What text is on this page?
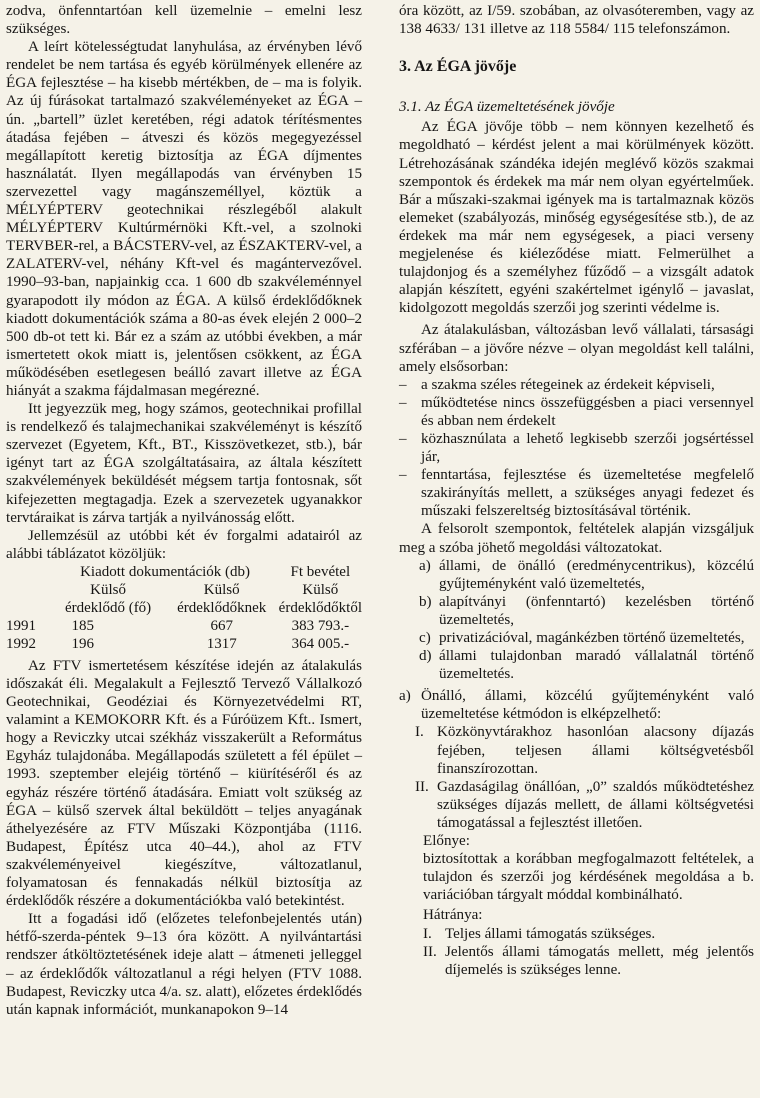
zodva, önfenntartóan kell üzemelnie – emelni lesz szükséges.

A leírt kötelességtudat lanyhulása, az érvényben lévő rendelet be nem tartása és egyéb körülmények ellenére az ÉGA fejlesztése – ha kisebb mértékben, de – ma is folyik. Az új fúrásokat tartalmazó szakvéleményeket az ÉGA – ún. „bartell” üzlet keretében, régi adatok térítésmentes átadása fejében – átveszi és közös megegyezéssel megállapított keretig biztosítja az ÉGA díjmentes használatát. Ilyen megállapodás van érvényben 15 szervezettel vagy magánszeméllyel, köztük a MÉLYÉPTERV geotechnikai részlegéből alakult MÉLYÉPTERV Kultúrmérnöki Kft.-vel, a szolnoki TERVBER-rel, a BÁCSTERV-vel, az ÉSZAKTERV-vel, a ZALATERV-vel, néhány Kft-vel és magántervezővel. 1990–93-ban, napjainkig cca. 1 600 db szakvéleménnyel gyarapodott ily módon az ÉGA. A külső érdeklődőknek kiadott dokumentációk száma a 80-as évek elején 2 000–2 500 db-ot tett ki. Bár ez a szám az utóbbi években, a már ismertetett okok miatt is, jelentősen csökkent, az ÉGA működésében esetlegesen beálló zavart illetve az ÉGA hiányát a szakma fájdalmasan megérezné.

Itt jegyezzük meg, hogy számos, geotechnikai profillal is rendelkező és talajmechanikai szakvéleményt is készítő szervezet (Egyetem, Kft., BT., Kisszövetkezet, stb.), bár igényt tart az ÉGA szolgáltatásaira, az általa készített szakvélemények beküldését mégsem tartja fontosnak, sőt kifejezetten megtagadja. Ezek a szervezetek ugyanakkor tervtáraikat is zárva tartják a nyilvánosság előtt.

Jellemzésül az utóbbi két év forgalmi adatairól az alábbi táblázatot közöljük:

	Kiadott dokumentációk (db)		Ft bevétel
	Külső	Külső	Külső
	érdeklődő (fő)	érdeklődőknek	érdeklődőktől
1991	185	667	383 793.-
1992	196	1317	364 005.-

Az FTV ismertetésem készítése idején az átalakulás időszakát éli. Megalakult a Fejlesztő Tervező Vállalkozó Geotechnikai, Geodéziai és Környezetvédelmi RT, valamint a KEMOKORR Kft. és a Fúróüzem Kft.. Ismert, hogy a Reviczky utcai székház visszakerült a Református Egyház tulajdonába. Megállapodás született a fél épület – 1993. szeptember elejéig történő – kiürítéséről és az egyház részére történő átadására. Emiatt volt szükség az ÉGA – külső szervek által beküldött – teljes anyagának áthelyezésére az FTV Műszaki Központjába (1116. Budapest, Építész utca 40–44.), ahol az FTV szakvéleményeivel kiegészítve, változatlanul, folyamatosan és fennakadás nélkül biztosítja az érdeklődők részére a dokumentációkba való betekintést.

Itt a fogadási idő (előzetes telefonbejelentés után) hétfő-szerda-péntek 9–13 óra között. A nyilvántartási rendszer átköltöztetésének ideje alatt – átmeneti jelleggel – az érdeklődők változatlanul a régi helyen (FTV 1088. Budapest, Reviczky utca 4/a. sz. alatt), előzetes érdeklődés után kapnak információt, munkanapokon 9–14

óra között, az I/59. szobában, az olvasóteremben, vagy az 138 4633/ 131 illetve az 118 5584/ 115 telefonszámon.

3. Az ÉGA jövője
3.1. Az ÉGA üzemeltetésének jövője

Az ÉGA jövője több – nem könnyen kezelhető és megoldható – kérdést jelent a mai körülmények között. Létrehozásának szándéka idején meglévő közös szakmai szempontok és érdekek ma már nem olyan egyértelműek. Bár a műszaki-szakmai igények ma is tartalmaznak közös elemeket (szabályozás, minőség egységesítése stb.), de az érdekek ma már nem egységesek, a piaci verseny megjelenése és kiéleződése miatt. Felmerülhet a tulajdonjog és a személyhez fűződő – a vizsgált adatok alapján készített, egyéni szakértelmet igénylő – javaslat, kidolgozott megoldás szerzői jog szerinti védelme is.

Az átalakulásban, változásban levő vállalati, társasági szférában – a jövőre nézve – olyan megoldást kell találni, amely elsősorban:

– a szakma széles rétegeinek az érdekeit képviseli,
– működtetése nincs összefüggésben a piaci versennyel és abban nem érdekelt
– közhasznúlata a lehető legkisebb szerzői jogsértéssel jár,
– fenntartása, fejlesztése és üzemeltetése megfelelő szakirányítás mellett, a szükséges anyagi fedezet és műszaki felszereltség biztosításával történik.

A felsorolt szempontok, feltételek alapján vizsgáljuk meg a szóba jöhető megoldási változatokat.

a) állami, de önálló (eredménycentrikus), közcélú gyűjteményként való üzemeltetés,
b) alapítványi (önfenntartó) kezelésben történő üzemeltetés,
c) privatizációval, magánkézben történő üzemeltetés,
d) állami tulajdonban maradó vállalatnál történő üzemeltetés.
a) Önálló, állami, közcélú gyűjteményként való üzemeltetése kétmódon is elképzelhető:
I. Közkönyvtárakhoz hasonlóan alacsony díjazás fejében, teljesen állami költségvetésből finanszírozottan.
II. Gazdaságilag önállóan, „0” szaldós működtetéshez szükséges díjazás mellett, de állami költségvetési támogatással a fejlesztést illetően.
Előnye:

biztosítottak a korábban megfogalmazott feltételek, a tulajdon és szerzői jog kérdésének megoldása a b. variációban tárgyalt móddal kombinálható.

Hátránya:
I. Teljes állami támogatás szükséges.
II. Jelentős állami támogatás mellett, még jelentős díjemelés is szükséges lenne.
